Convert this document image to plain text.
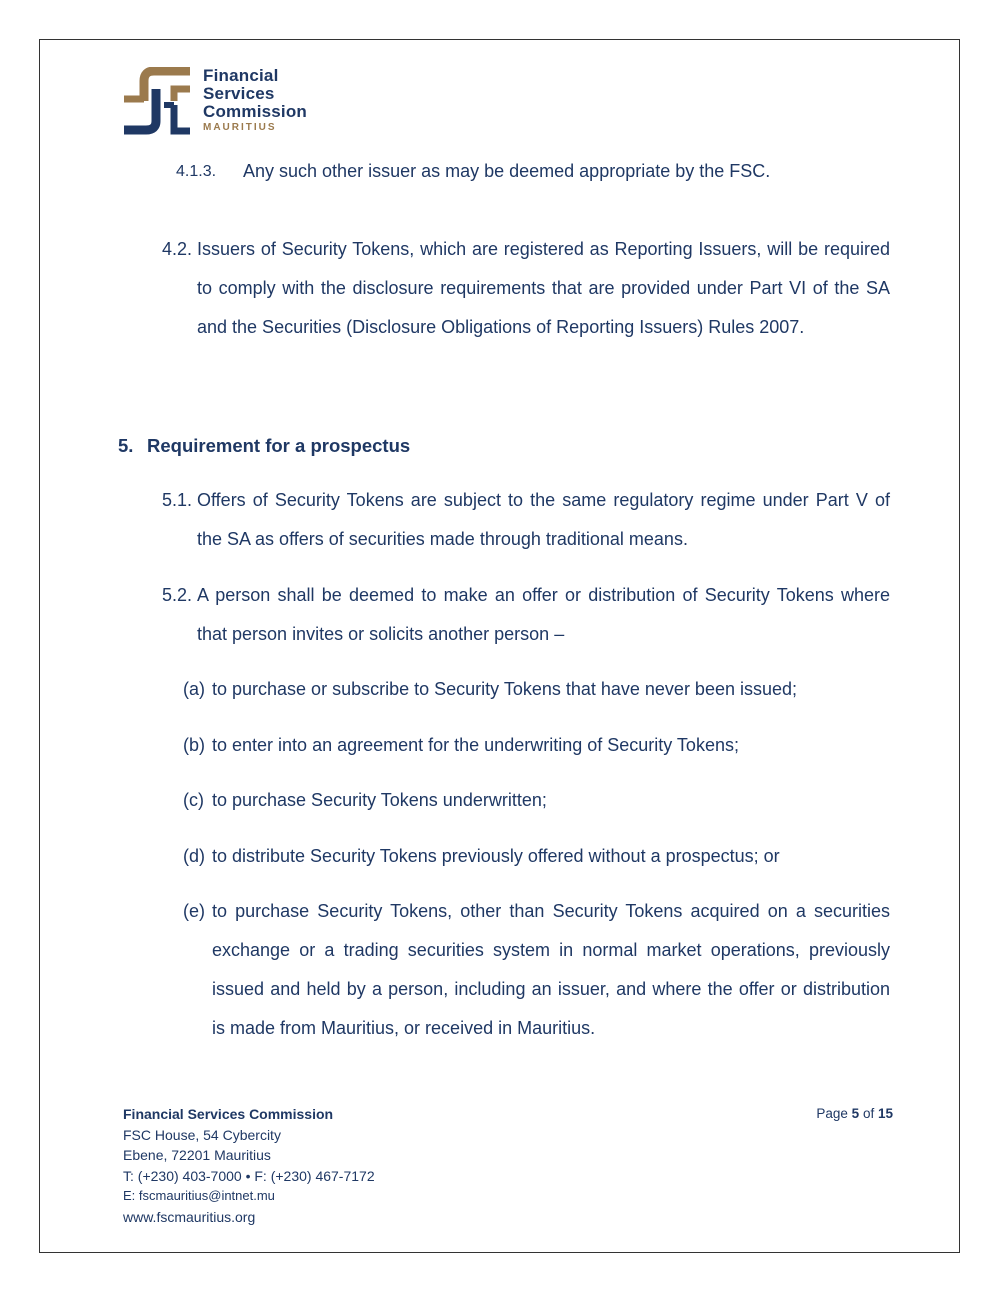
Financial
Services
Commission
MAURITIUS
4.1.3. Any such other issuer as may be deemed appropriate by the FSC.
4.2. Issuers of Security Tokens, which are registered as Reporting Issuers, will be required to comply with the disclosure requirements that are provided under Part VI of the SA and the Securities (Disclosure Obligations of Reporting Issuers) Rules 2007.
5. Requirement for a prospectus
5.1. Offers of Security Tokens are subject to the same regulatory regime under Part V of the SA as offers of securities made through traditional means.
5.2. A person shall be deemed to make an offer or distribution of Security Tokens where that person invites or solicits another person –
(a) to purchase or subscribe to Security Tokens that have never been issued;
(b) to enter into an agreement for the underwriting of Security Tokens;
(c) to purchase Security Tokens underwritten;
(d) to distribute Security Tokens previously offered without a prospectus; or
(e) to purchase Security Tokens, other than Security Tokens acquired on a securities exchange or a trading securities system in normal market operations, previously issued and held by a person, including an issuer, and where the offer or distribution is made from Mauritius, or received in Mauritius.
Financial Services Commission
FSC House, 54 Cybercity
Ebene, 72201 Mauritius
T: (+230) 403-7000 • F: (+230) 467-7172
E: fscmauritius@intnet.mu
www.fscmauritius.org
Page 5 of 15
